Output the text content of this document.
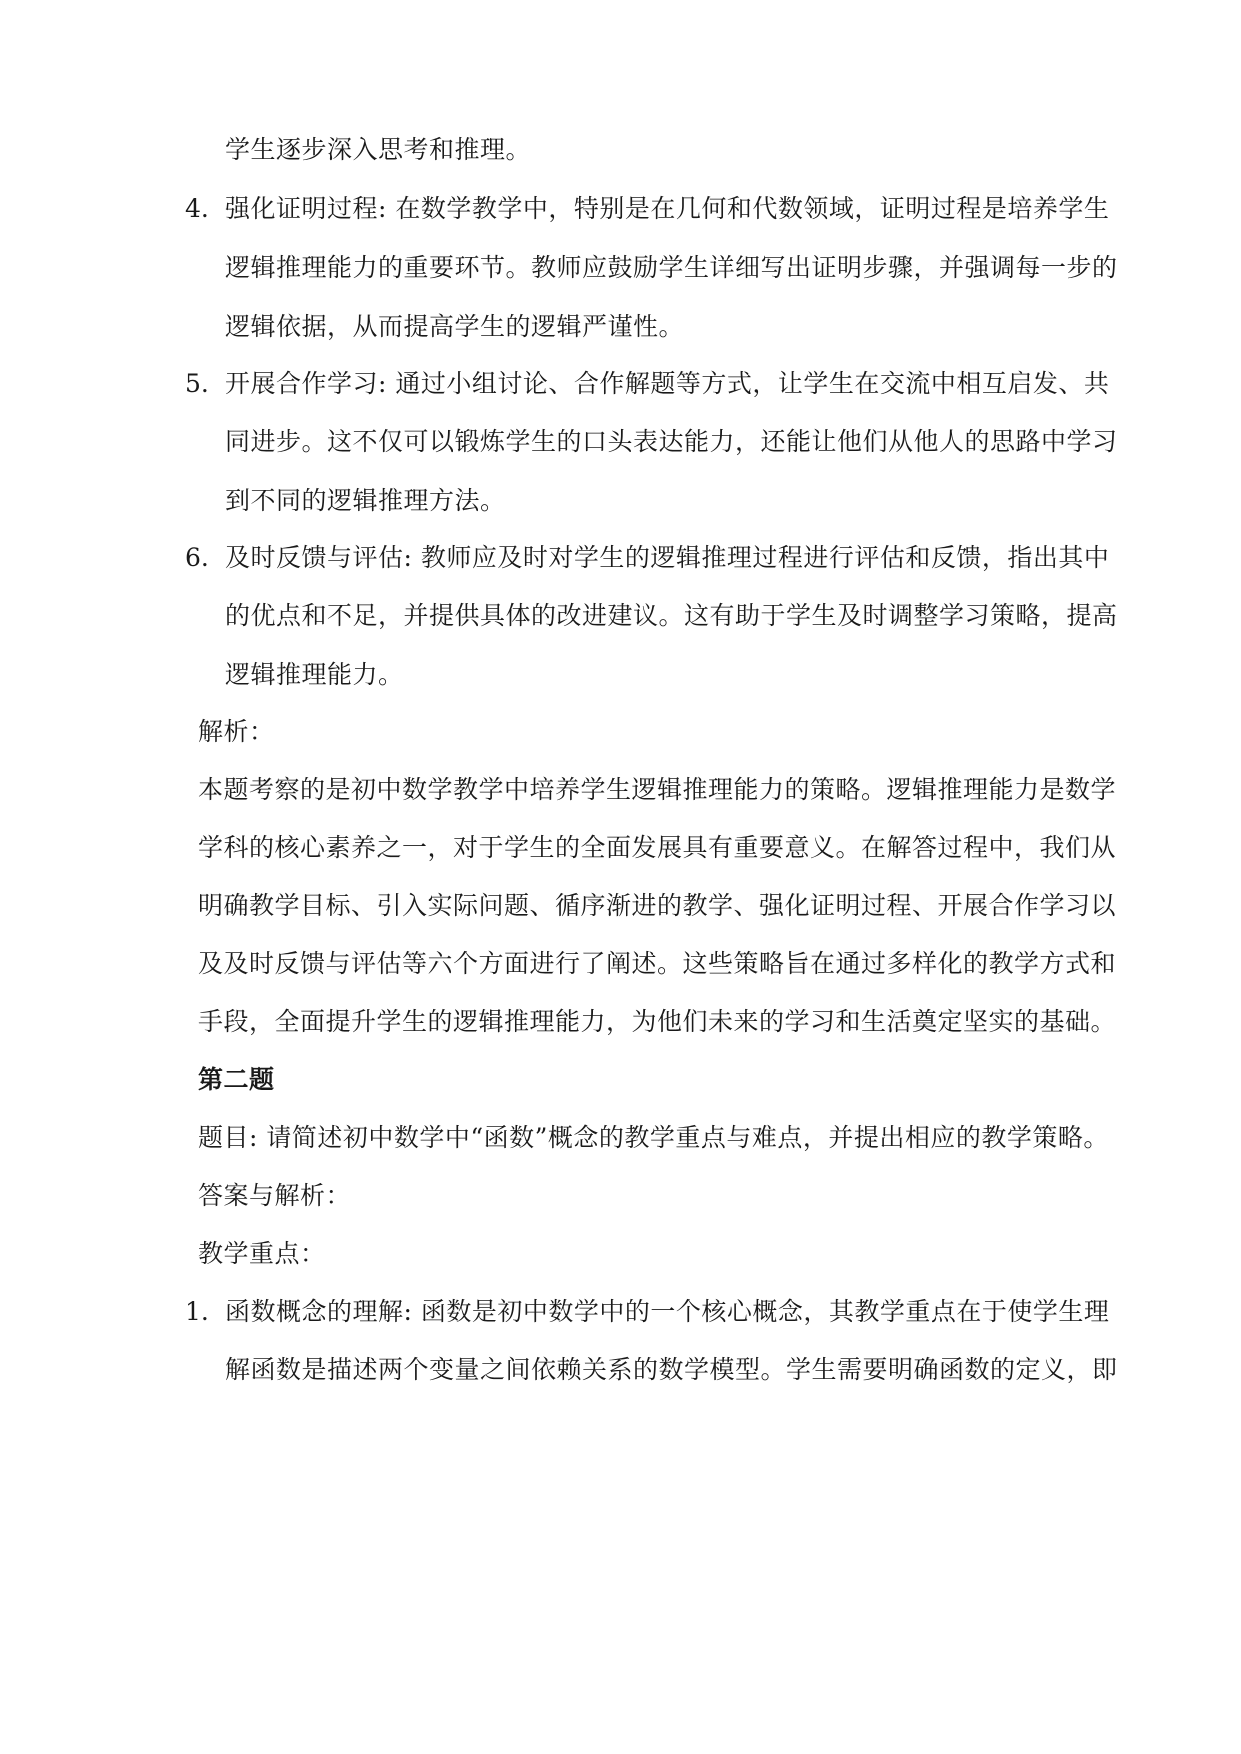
学生逐步深入思考和推理。
4. 强化证明过程: 在数学教学中，特别是在几何和代数领域，证明过程是培养学生
逻辑推理能力的重要环节。教师应鼓励学生详细写出证明步骤，并强调每一步的
逻辑依据，从而提高学生的逻辑严谨性。
5. 开展合作学习: 通过小组讨论、合作解题等方式，让学生在交流中相互启发、共
同进步。这不仅可以锻炼学生的口头表达能力，还能让他们从他人的思路中学习
到不同的逻辑推理方法。
6. 及时反馈与评估: 教师应及时对学生的逻辑推理过程进行评估和反馈，指出其中
的优点和不足，并提供具体的改进建议。这有助于学生及时调整学习策略，提高
逻辑推理能力。
解析：
本题考察的是初中数学教学中培养学生逻辑推理能力的策略。逻辑推理能力是数学
学科的核心素养之一，对于学生的全面发展具有重要意义。在解答过程中，我们从
明确教学目标、引入实际问题、循序渐进的教学、强化证明过程、开展合作学习以
及及时反馈与评估等六个方面进行了阐述。这些策略旨在通过多样化的教学方式和
手段，全面提升学生的逻辑推理能力，为他们未来的学习和生活奠定坚实的基础。
第二题
题目: 请简述初中数学中“函数”概念的教学重点与难点，并提出相应的教学策略。
答案与解析：
教学重点：
1. 函数概念的理解: 函数是初中数学中的一个核心概念，其教学重点在于使学生理
解函数是描述两个变量之间依赖关系的数学模型。学生需要明确函数的定义，即
